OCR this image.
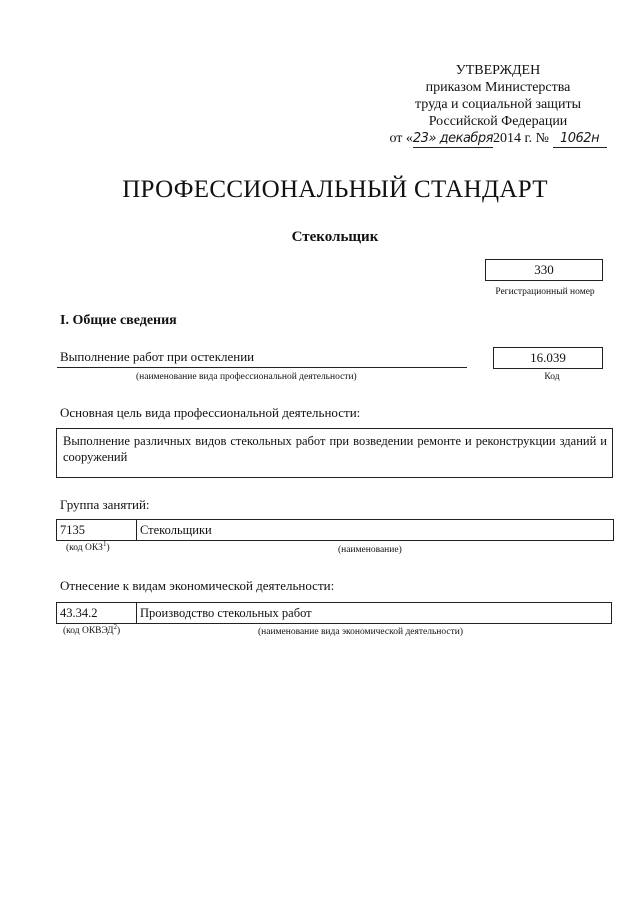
УТВЕРЖДЕН
приказом Министерства
труда и социальной защиты
Российской Федерации
от «23» декабря2014 г. № 1062н
ПРОФЕССИОНАЛЬНЫЙ СТАНДАРТ
Стекольщик
330
Регистрационный номер
I. Общие сведения
Выполнение работ при остеклении
(наименование вида профессиональной деятельности)
16.039
Код
Основная цель вида профессиональной деятельности:
Выполнение различных видов стекольных работ при возведении ремонте и реконструкции зданий и сооружений
Группа занятий:
7135	Стекольщики
(код ОКЗ$^1$)	(наименование)
Отнесение к видам экономической деятельности:
43.34.2	Производство стекольных работ
(код ОКВЭД$^2$)	(наименование вида экономической деятельности)
